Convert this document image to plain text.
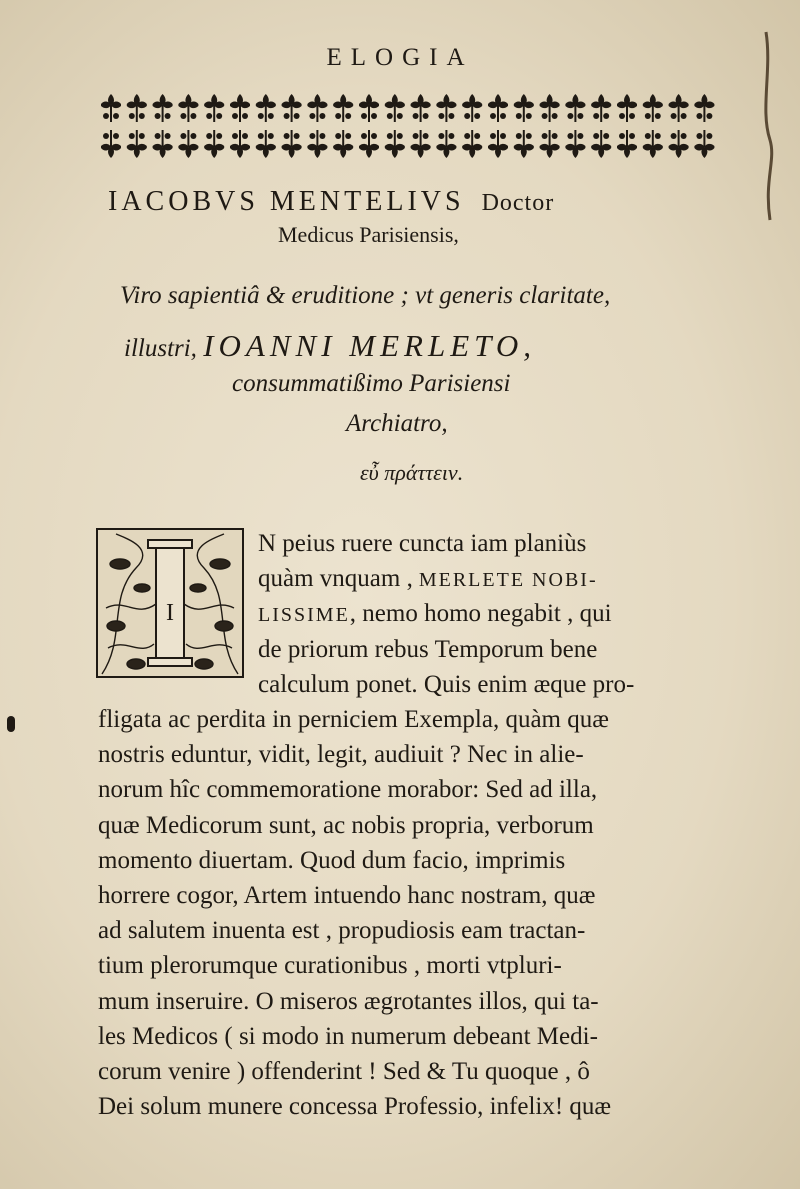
ELOGIA
IACOBVS MENTELIVS Doctor
Medicus Parisiensis,
Viro sapientiâ & eruditione ; vt generis claritate,
illustri, IOANNI MERLETO,
consummatißimo Parisiensi
Archiatro,
εὖ πράττειν.
I
N peius ruere cuncta iam planiùs
quàm vnquam , MERLETE NOBI-
LISSIME, nemo homo negabit , qui
de priorum rebus Temporum bene
calculum ponet. Quis enim æque pro-
fligata ac perdita in perniciem Exempla, quàm quæ
nostris eduntur, vidit, legit, audiuit ? Nec in alie-
norum hîc commemoratione morabor: Sed ad illa,
quæ Medicorum sunt, ac nobis propria, verborum
momento diuertam. Quod dum facio, imprimis
horrere cogor, Artem intuendo hanc nostram, quæ
ad salutem inuenta est , propudiosis eam tractan-
tium plerorumque curationibus , morti vtpluri-
mum inseruire. O miseros ægrotantes illos, qui ta-
les Medicos ( si modo in numerum debeant Medi-
corum venire ) offenderint ! Sed & Tu quoque , ô
Dei solum munere concessa Professio, infelix! quæ
